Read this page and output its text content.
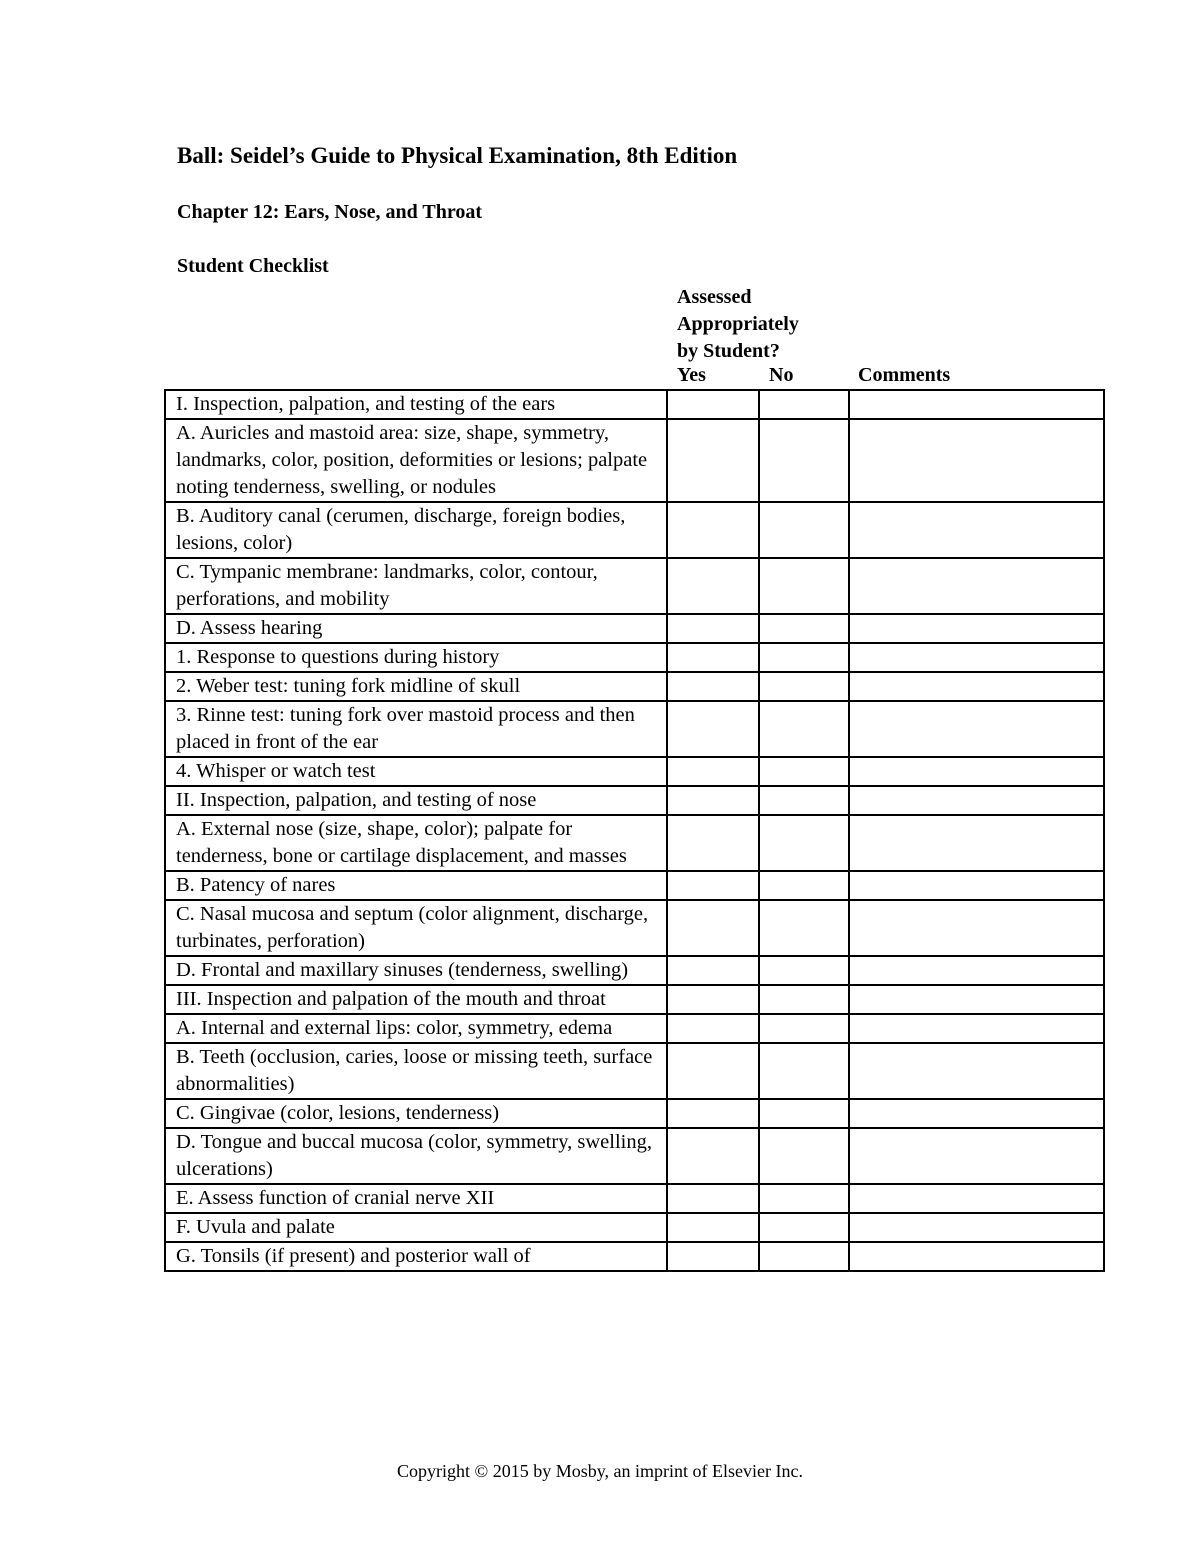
Ball: Seidel’s Guide to Physical Examination, 8th Edition
Chapter 12: Ears, Nose, and Throat
Student Checklist
Assessed
Appropriately
by Student?
Yes	No	Comments
I. Inspection, palpation, and testing of the ears			
A. Auricles and mastoid area: size, shape, symmetry, landmarks, color, position, deformities or lesions; palpate noting tenderness, swelling, or nodules			
B. Auditory canal (cerumen, discharge, foreign bodies, lesions, color)			
C. Tympanic membrane: landmarks, color, contour, perforations, and mobility			
D. Assess hearing			
1. Response to questions during history			
2. Weber test: tuning fork midline of skull			
3. Rinne test: tuning fork over mastoid process and then placed in front of the ear			
4. Whisper or watch test			
II. Inspection, palpation, and testing of nose			
A. External nose (size, shape, color); palpate for tenderness, bone or cartilage displacement, and masses			
B. Patency of nares			
C. Nasal mucosa and septum (color alignment, discharge, turbinates, perforation)			
D. Frontal and maxillary sinuses (tenderness, swelling)			
III. Inspection and palpation of the mouth and throat			
A. Internal and external lips: color, symmetry, edema			
B. Teeth (occlusion, caries, loose or missing teeth, surface abnormalities)			
C. Gingivae (color, lesions, tenderness)			
D. Tongue and buccal mucosa (color, symmetry, swelling, ulcerations)			
E. Assess function of cranial nerve XII			
F. Uvula and palate			
G. Tonsils (if present) and posterior wall of			
Copyright © 2015 by Mosby, an imprint of Elsevier Inc.
